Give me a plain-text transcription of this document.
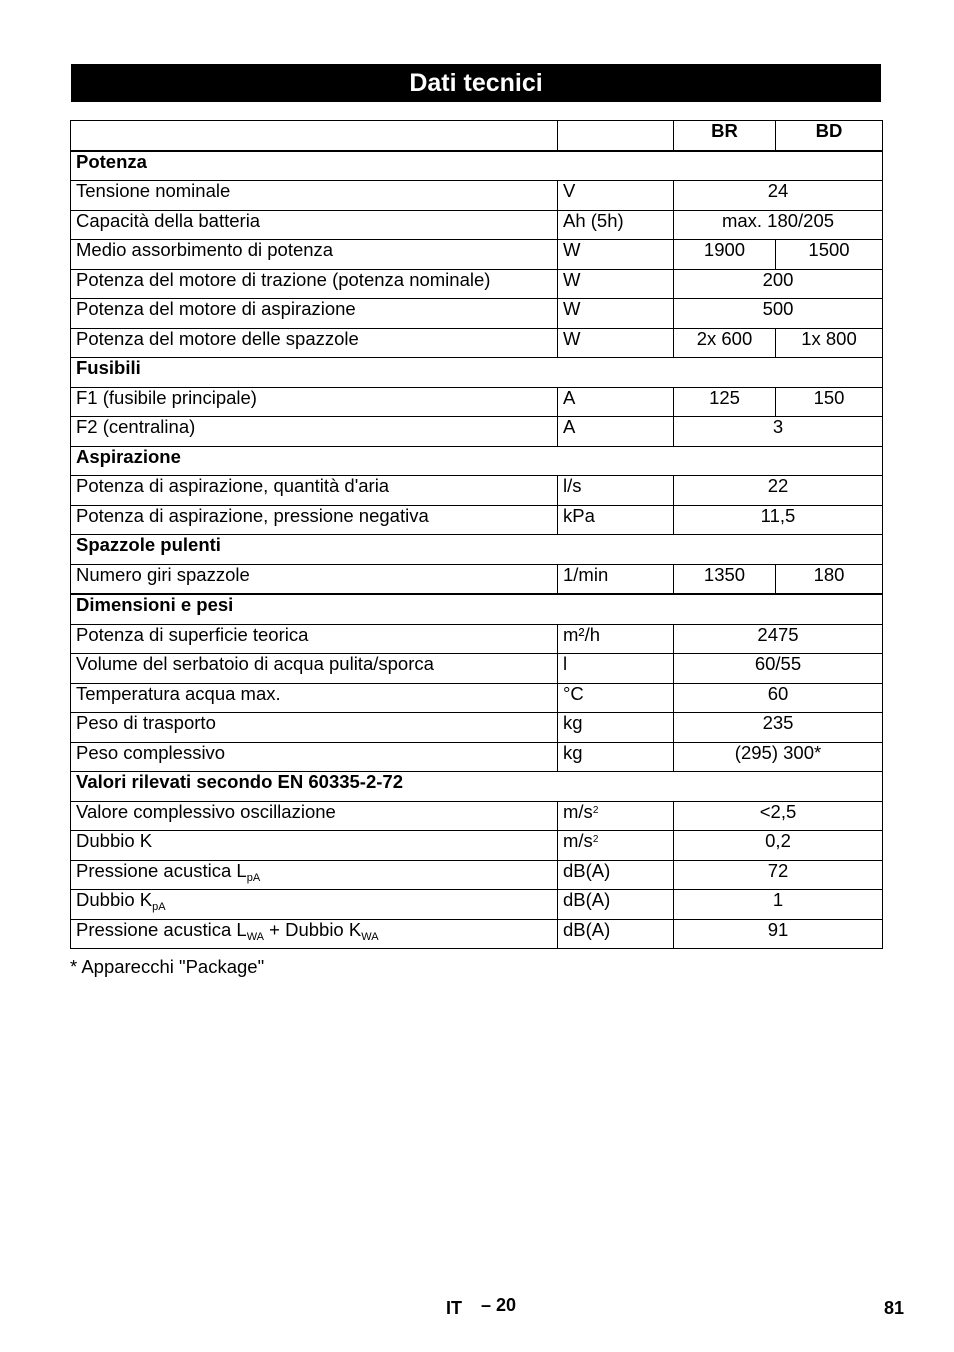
Dati tecnici
		BR	BD
Potenza			
Tensione nominale	V	24	
Capacità della batteria	Ah (5h)	max. 180/205	
Medio assorbimento di potenza	W	1900	1500
Potenza del motore di trazione (potenza nominale)	W	200	
Potenza del motore di aspirazione	W	500	
Potenza del motore delle spazzole	W	2x 600	1x 800
Fusibili			
F1 (fusibile principale)	A	125	150
F2 (centralina)	A	3	
Aspirazione			
Potenza di aspirazione, quantità d'aria	l/s	22	
Potenza di aspirazione, pressione negativa	kPa	11,5	
Spazzole pulenti			
Numero giri spazzole	1/min	1350	180
Dimensioni e pesi			
Potenza di superficie teorica	m²/h	2475	
Volume del serbatoio di acqua pulita/sporca	l	60/55	
Temperatura acqua max.	°C	60	
Peso di trasporto	kg	235	
Peso complessivo	kg	(295) 300*	
Valori rilevati secondo EN 60335-2-72			
Valore complessivo oscillazione	$m/s^2$	<2,5	
Dubbio K	$m/s^2$	0,2	
Pressione acustica $L_{pA}$	dB(A)	72	
Dubbio $K_{pA}$	dB(A)	1	
Pressione acustica $L_{WA}$ + Dubbio $K_{WA}$	dB(A)	91	
* Apparecchi "Package"
IT – 20	81
